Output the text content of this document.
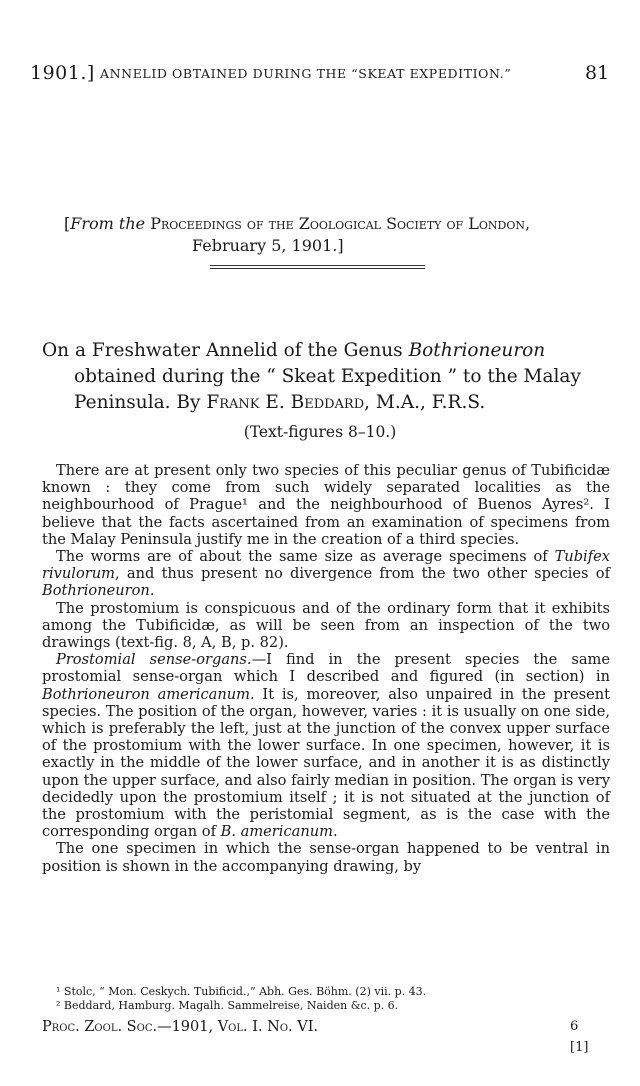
1901.] ANNELID OBTAINED DURING THE “SKEAT EXPEDITION.”	81
[From the Proceedings of the Zoological Society of London,
February 5, 1901.]
On a Freshwater Annelid of the Genus Bothrioneuron
obtained during the “ Skeat Expedition ” to the Malay
Peninsula. By Frank E. Beddard, M.A., F.R.S.
(Text-figures 8–10.)

There are at present only two species of this peculiar genus of Tubificidæ known : they come from such widely separated localities as the neighbourhood of Prague¹ and the neighbourhood of Buenos Ayres². I believe that the facts ascertained from an examination of specimens from the Malay Peninsula justify me in the creation of a third species.

The worms are of about the same size as average specimens of Tubifex rivulorum, and thus present no divergence from the two other species of Bothrioneuron.

The prostomium is conspicuous and of the ordinary form that it exhibits among the Tubificidæ, as will be seen from an inspection of the two drawings (text-fig. 8, A, B, p. 82).

Prostomial sense-organs.—I find in the present species the same prostomial sense-organ which I described and figured (in section) in Bothrioneuron americanum. It is, moreover, also unpaired in the present species. The position of the organ, however, varies : it is usually on one side, which is preferably the left, just at the junction of the convex upper surface of the prostomium with the lower surface. In one specimen, however, it is exactly in the middle of the lower surface, and in another it is as distinctly upon the upper surface, and also fairly median in position. The organ is very decidedly upon the prostomium itself ; it is not situated at the junction of the prostomium with the peristomial segment, as is the case with the corresponding organ of B. americanum.

The one specimen in which the sense-organ happened to be ventral in position is shown in the accompanying drawing, by

¹ Stolc, “ Mon. Ceskych. Tubificid.,” Abh. Ges. Böhm. (2) vii. p. 43.
² Beddard, Hamburg. Magalh. Sammelreise, Naiden &c. p. 6.
Proc. Zool. Soc.—1901, Vol. I. No. VI.	6
[1]
